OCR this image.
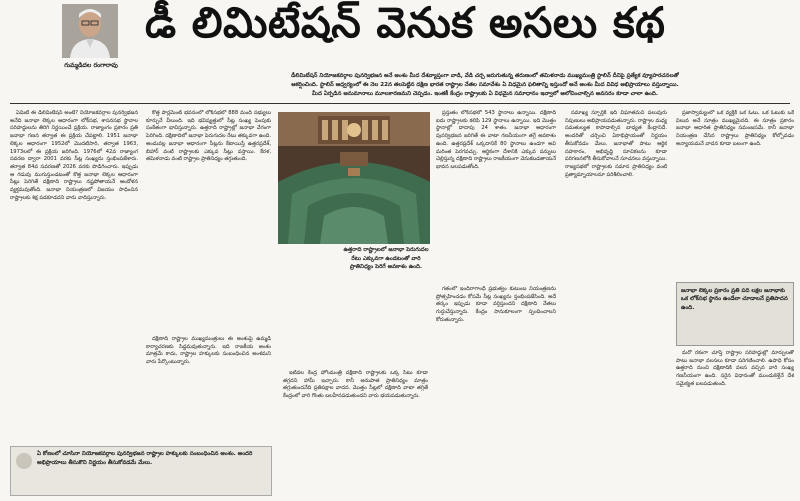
గుమ్మడిదల రంగారావు
డీ లిమిటేషన్ వెనుక అసలు కథ
డీలిమిటేషన్ నియోజకవర్గాల పునర్విభజన అనే అంశం మీద దేశవ్యాప్తంగా వాడి, వేడి చర్చ జరుగుతున్న తరుణంలో తమిళనాడు ముఖ్యమంత్రి స్టాలిన్ దీనిపై ప్రత్యేక వ్యూహరచనలతో
ఆకర్షించింది. స్టాలిన్ ఆధ్వర్యంలో ఈ నెల 22న తలపెట్టిన దక్షిణ భారత రాష్ట్రాల నేతల సమావేశం ఏ విధమైన ఫలితాన్ని ఇస్తుందో అనే అంశం మీద వివిధ అభిప్రాయాలు వస్తున్నాయి.
మీద ఏర్పడిన అనుమానాలు మూలకారణమని చెప్పడం. ఇంతకీ కేంద్రం రాష్ట్రాలకు ఏ విధమైన సమాధానం ఇవ్వాలో ఆలోచించాల్సిన అవసరం కూడా చాలా ఉంది.

ఏమిటి ఈ డీలిమిటేషన్ అంటే? నియోజకవర్గాల పునర్విభజన అనేది జనాభా లెక్కల ఆధారంగా లోక్‌సభ, శాసనసభ స్థానాల సరిహద్దులను తిరిగి నిర్ణయించే ప్రక్రియ. రాజ్యాంగం ప్రకారం ప్రతి జనాభా గణన తర్వాత ఈ ప్రక్రియ చేపట్టాలి. 1951 జనాభా లెక్కల ఆధారంగా 1952లో మొదటిసారి, తర్వాత 1963, 1973లలో ఈ ప్రక్రియ జరిగింది. 1976లో 42వ రాజ్యాంగ సవరణ ద్వారా 2001 వరకు సీట్ల సంఖ్యను స్తంభింపజేశారు. తర్వాత 84వ సవరణతో 2026 వరకు పొడిగించారు. ఇప్పుడు ఆ గడువు ముగుస్తుండటంతో కొత్త జనాభా లెక్కల ఆధారంగా సీట్లు పెరిగితే దక్షిణాది రాష్ట్రాలు నష్టపోతాయనే ఆందోళన వ్యక్తమవుతోంది. జనాభా నియంత్రణలో విజయం సాధించిన రాష్ట్రాలకు శిక్ష పడకూడదని వారు వాదిస్తున్నారు.

కొత్త పార్లమెంట్ భవనంలో లోక్‌సభలో 888 మంది సభ్యులు కూర్చునే వీలుంది. ఇది భవిష్యత్తులో సీట్ల సంఖ్య పెంపుకు సంకేతంగా భావిస్తున్నారు. ఉత్తరాది రాష్ట్రాల్లో జనాభా వేగంగా పెరిగింది. దక్షిణాదిలో జనాభా పెరుగుదల రేటు తక్కువగా ఉంది. అందువల్ల జనాభా ఆధారంగా సీట్లను కేటాయిస్తే ఉత్తరప్రదేశ్, బిహార్ వంటి రాష్ట్రాలకు ఎక్కువ సీట్లు వస్తాయి. కేరళ, తమిళనాడు వంటి రాష్ట్రాల ప్రాతినిధ్యం తగ్గుతుంది.

ఉత్తరాది రాష్ట్రాలలో జనాభా పెరుగుదల రేటు ఎక్కువగా ఉండటంతో వారి ప్రాతినిధ్యం పెరిగే అవకాశం ఉంది.

ఇటీవల కేంద్ర హోంమంత్రి దక్షిణాది రాష్ట్రాలకు ఒక్క సీటు కూడా తగ్గదని హామీ ఇచ్చారు. కానీ అనుపాత ప్రాతినిధ్యం మాత్రం తగ్గుతుందనేది ప్రతిపక్షాల వాదన. మొత్తం సీట్లలో దక్షిణాది వాటా తగ్గితే కేంద్రంలో వారి గొంతు బలహీనపడుతుందని వారు భయపడుతున్నారు.

ప్రస్తుతం లోక్‌సభలో 543 స్థానాలు ఉన్నాయి. దక్షిణాది ఐదు రాష్ట్రాలకు కలిపి 129 స్థానాలు ఉన్నాయి. ఇది మొత్తం స్థానాల్లో దాదాపు 24 శాతం. జనాభా ఆధారంగా పునర్విభజన జరిగితే ఈ వాటా గణనీయంగా తగ్గే అవకాశం ఉంది. ఉత్తరప్రదేశ్ ఒక్కదానికే 80 స్థానాలు ఉండగా అవి మరింత పెరగవచ్చు. ఆర్థికంగా దేశానికి ఎక్కువ పన్నులు చెల్లిస్తున్న దక్షిణాది రాష్ట్రాలు రాజకీయంగా వెనుకబడతాయనే భావన బలపడుతోంది.

సమాఖ్య స్ఫూర్తికి ఇది విఘాతమని పలువురు నిపుణులు అభిప్రాయపడుతున్నారు. రాష్ట్రాల మధ్య సమతుల్యత కాపాడాల్సిన బాధ్యత కేంద్రానిదే. అందరితో చర్చించి ఏకాభిప్రాయంతో నిర్ణయం తీసుకోవడం మేలు. జనాభాతో పాటు ఆర్థిక సహకారం, అభివృద్ధి సూచికలను కూడా పరిగణనలోకి తీసుకోవాలనే సూచనలు వస్తున్నాయి. రాజ్యసభలో రాష్ట్రాలకు సమాన ప్రాతినిధ్యం వంటి ప్రత్యామ్నాయాలనూ పరిశీలించాలి.

ప్రజాస్వామ్యంలో ఒక వ్యక్తికి ఒక ఓటు, ఒక ఓటుకు ఒకే విలువ అనే సూత్రం ముఖ్యమైనది. ఈ సూత్రం ప్రకారం జనాభా ఆధారిత ప్రాతినిధ్యం సమంజసమే. కానీ జనాభా నియంత్రణ చేసిన రాష్ట్రాలు ప్రాతినిధ్యం కోల్పోవడం అన్యాయమనే వాదన కూడా బలంగా ఉంది.

జనాభా లెక్కల ప్రకారం ప్రతి పది లక్షల జనాభాకు ఒక లోక్‌సభ స్థానం ఉండేలా చూడాలనే ప్రతిపాదన ఉంది.

మరో రకంగా చూస్తే రాష్ట్రాల సరిహద్దుల్లో మార్పులతో పాటు జనాభా వలసలు కూడా పరిగణించాలి. ఉపాధి కోసం ఉత్తరాది నుంచి దక్షిణాదికి వలస వచ్చిన వారి సంఖ్య గణనీయంగా ఉంది. సరైన విధానంతో ముందుకెళ్తేనే దేశ సమైక్యత బలపడుతుంది.

దక్షిణాది రాష్ట్రాల ముఖ్యమంత్రులు ఈ అంశంపై ఉమ్మడి కార్యాచరణకు సిద్ధమవుతున్నారు. ఇది రాజకీయ అంశం మాత్రమే కాదు, రాష్ట్రాల హక్కులకు సంబంధించిన అంశమని వారు పేర్కొంటున్నారు.

గతంలో ఇందిరాగాంధీ ప్రభుత్వం కుటుంబ నియంత్రణను ప్రోత్సహించడం కోసమే సీట్ల సంఖ్యను స్తంభింపజేసింది. అదే తర్కం ఇప్పుడు కూడా వర్తిస్తుందని దక్షిణాది నేతలు గుర్తుచేస్తున్నారు. కేంద్రం సానుకూలంగా స్పందించాలని కోరుతున్నారు.

ఏ కోణంలో చూసినా నియోజకవర్గాల పునర్విభజన రాష్ట్రాల హక్కులకు సంబంధించిన అంశం. అందరి అభిప్రాయాలు తీసుకొని నిర్ణయం తీసుకోవడమే మేలు.
